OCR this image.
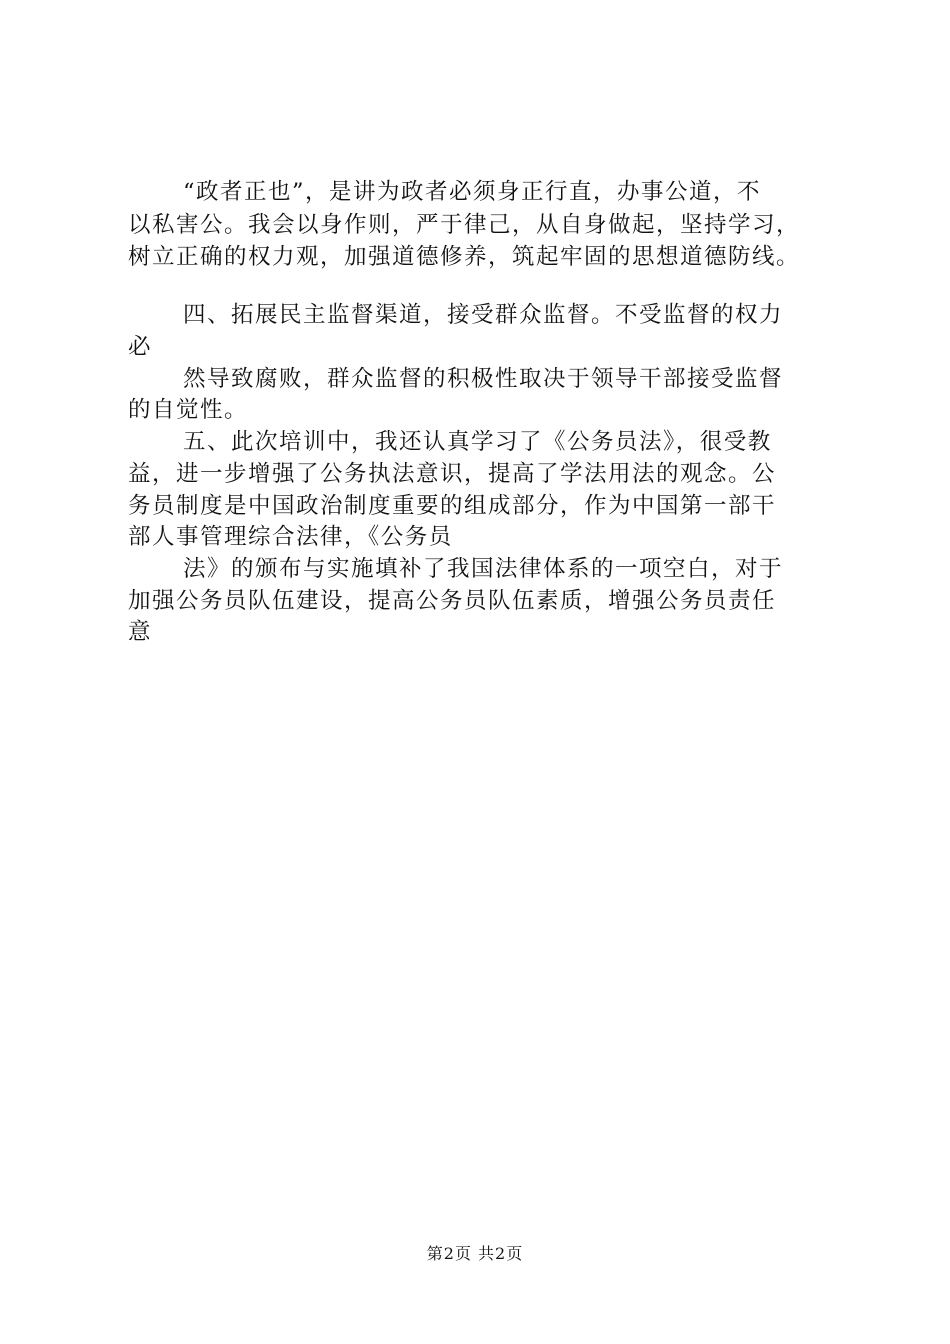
“政者正也”，是讲为政者必须身正行直，办事公道，不
以私害公。我会以身作则，严于律己，从自身做起，坚持学习，
树立正确的权力观，加强道德修养，筑起牢固的思想道德防线。
四、拓展民主监督渠道，接受群众监督。不受监督的权力
必
然导致腐败，群众监督的积极性取决于领导干部接受监督
的自觉性。
五、此次培训中，我还认真学习了《公务员法》，很受教
益，进一步增强了公务执法意识，提高了学法用法的观念。公
务员制度是中国政治制度重要的组成部分，作为中国第一部干
部人事管理综合法律，《公务员
法》的颁布与实施填补了我国法律体系的一项空白，对于
加强公务员队伍建设，提高公务员队伍素质，增强公务员责任
意
第2页 共2页
